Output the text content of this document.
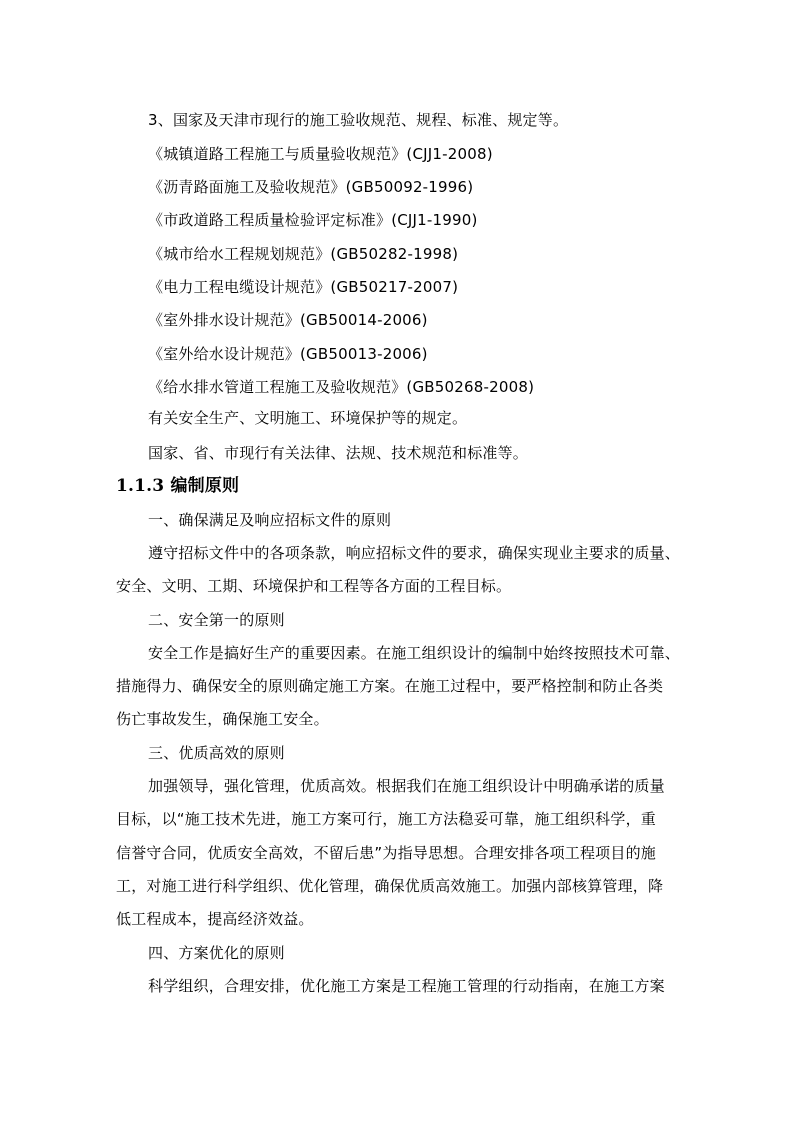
3、国家及天津市现行的施工验收规范、规程、标准、规定等。
《城镇道路工程施工与质量验收规范》(CJJ1-2008)
《沥青路面施工及验收规范》(GB50092-1996)
《市政道路工程质量检验评定标准》(CJJ1-1990)
《城市给水工程规划规范》(GB50282-1998)
《电力工程电缆设计规范》(GB50217-2007)
《室外排水设计规范》(GB50014-2006)
《室外给水设计规范》(GB50013-2006)
《给水排水管道工程施工及验收规范》(GB50268-2008)
有关安全生产、文明施工、环境保护等的规定。
国家、省、市现行有关法律、法规、技术规范和标准等。
1.1.3 编制原则
一、确保满足及响应招标文件的原则
遵守招标文件中的各项条款，响应招标文件的要求，确保实现业主要求的质量、
安全、文明、工期、环境保护和工程等各方面的工程目标。
二、安全第一的原则
安全工作是搞好生产的重要因素。在施工组织设计的编制中始终按照技术可靠、
措施得力、确保安全的原则确定施工方案。在施工过程中，要严格控制和防止各类
伤亡事故发生，确保施工安全。
三、优质高效的原则
加强领导，强化管理，优质高效。根据我们在施工组织设计中明确承诺的质量
目标，以“施工技术先进，施工方案可行，施工方法稳妥可靠，施工组织科学，重
信誉守合同，优质安全高效，不留后患”为指导思想。合理安排各项工程项目的施
工，对施工进行科学组织、优化管理，确保优质高效施工。加强内部核算管理，降
低工程成本，提高经济效益。
四、方案优化的原则
科学组织，合理安排，优化施工方案是工程施工管理的行动指南，在施工方案
